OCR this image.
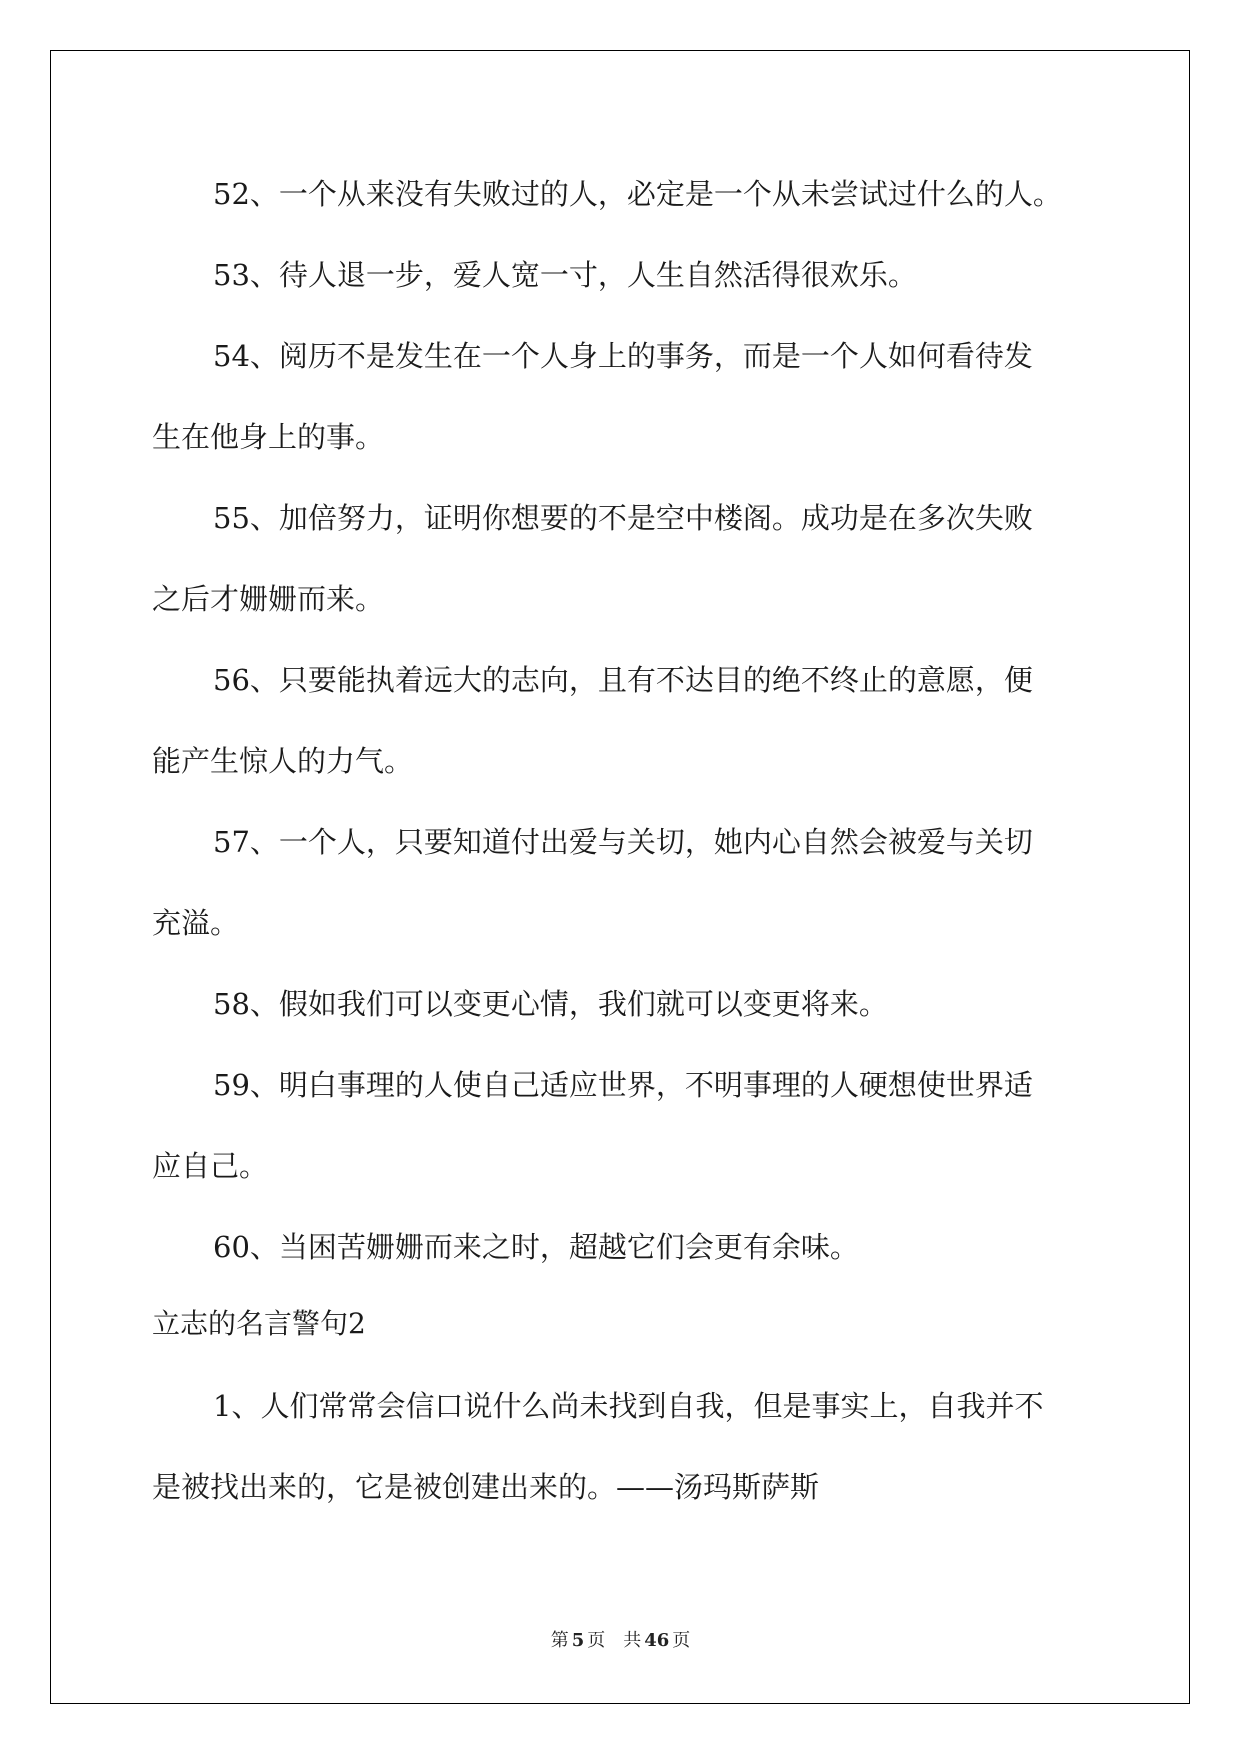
52、一个从来没有失败过的人，必定是一个从未尝试过什么的人。
53、待人退一步，爱人宽一寸，人生自然活得很欢乐。
54、阅历不是发生在一个人身上的事务，而是一个人如何看待发
生在他身上的事。
55、加倍努力，证明你想要的不是空中楼阁。成功是在多次失败
之后才姗姗而来。
56、只要能执着远大的志向，且有不达目的绝不终止的意愿，便
能产生惊人的力气。
57、一个人，只要知道付出爱与关切，她内心自然会被爱与关切
充溢。
58、假如我们可以变更心情，我们就可以变更将来。
59、明白事理的人使自己适应世界，不明事理的人硬想使世界适
应自己。
60、当困苦姗姗而来之时，超越它们会更有余味。
立志的名言警句2
1、人们常常会信口说什么尚未找到自我，但是事实上，自我并不
是被找出来的，它是被创建出来的。——汤玛斯萨斯
第 5 页 共 46 页
